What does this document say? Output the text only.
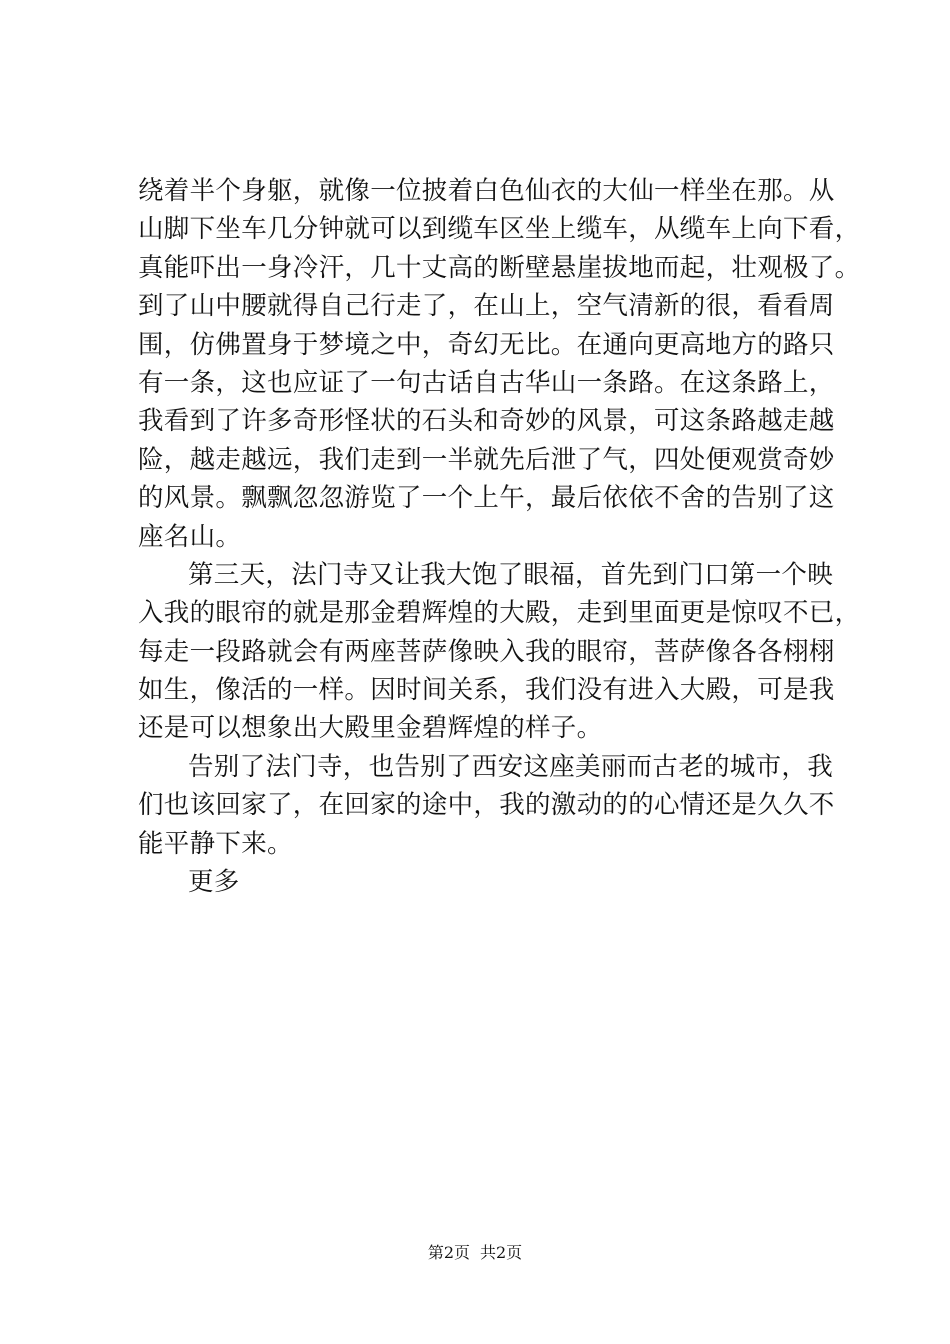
绕着半个身躯，就像一位披着白色仙衣的大仙一样坐在那。从
山脚下坐车几分钟就可以到缆车区坐上缆车，从缆车上向下看，
真能吓出一身冷汗，几十丈高的断壁悬崖拔地而起，壮观极了。
到了山中腰就得自己行走了，在山上，空气清新的很，看看周
围，仿佛置身于梦境之中，奇幻无比。在通向更高地方的路只
有一条，这也应证了一句古话自古华山一条路。在这条路上，
我看到了许多奇形怪状的石头和奇妙的风景，可这条路越走越
险，越走越远，我们走到一半就先后泄了气，四处便观赏奇妙
的风景。飘飘忽忽游览了一个上午，最后依依不舍的告别了这
座名山。
第三天，法门寺又让我大饱了眼福，首先到门口第一个映
入我的眼帘的就是那金碧辉煌的大殿，走到里面更是惊叹不已，
每走一段路就会有两座菩萨像映入我的眼帘，菩萨像各各栩栩
如生，像活的一样。因时间关系，我们没有进入大殿，可是我
还是可以想象出大殿里金碧辉煌的样子。
告别了法门寺，也告别了西安这座美丽而古老的城市，我
们也该回家了，在回家的途中，我的激动的的心情还是久久不
能平静下来。
更多
第2页 共2页
